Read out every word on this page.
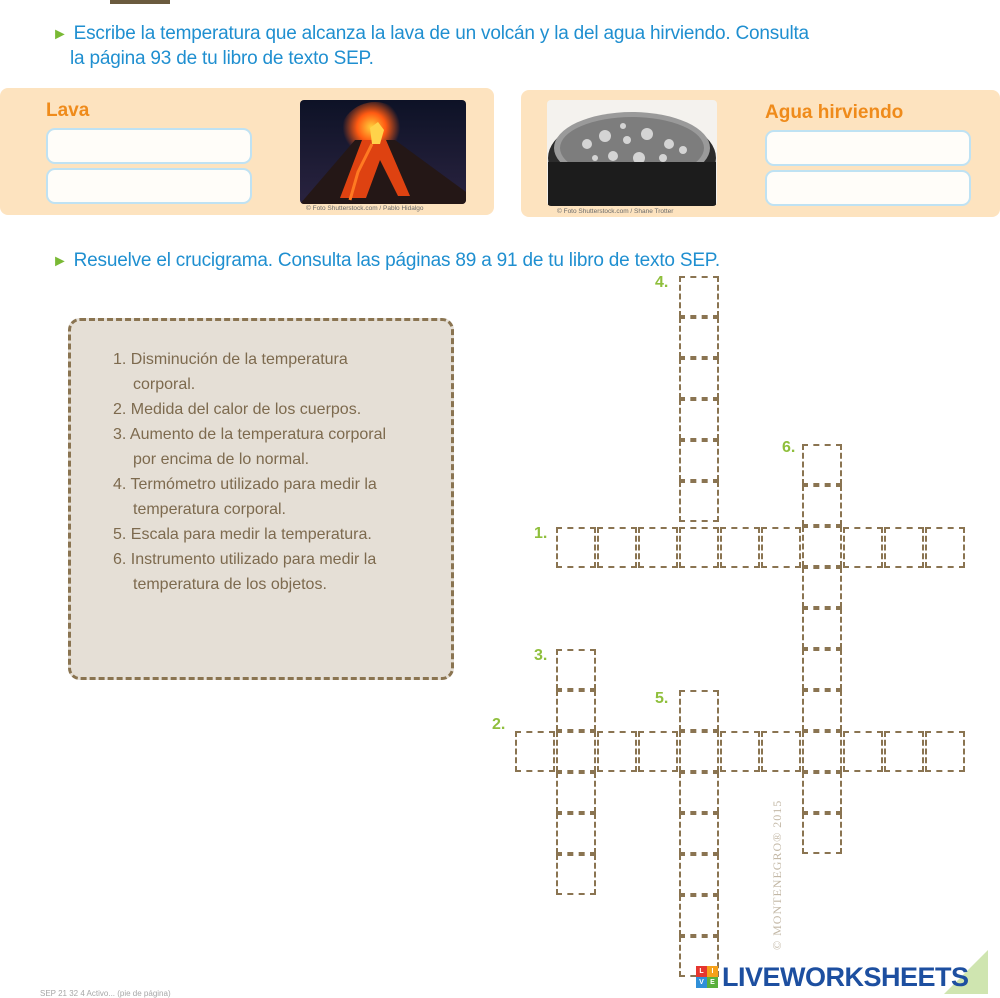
► Escribe la temperatura que alcanza la lava de un volcán y la del agua hirviendo. Consulta
la página 93 de tu libro de texto SEP.
Lava
© Foto Shutterstock.com / Pablo Hidalgo	© Foto Shutterstock.com / Shane Trotter
Agua hirviendo
► Resuelve el crucigrama. Consulta las páginas 89 a 91 de tu libro de texto SEP.
1. Disminución de la temperatura corporal.
2. Medida del calor de los cuerpos.
3. Aumento de la temperatura corporal por encima de lo normal.
4. Termómetro utilizado para medir la temperatura corporal.
5. Escala para medir la temperatura.
6. Instrumento utilizado para medir la temperatura de los objetos.
4.
6.
1.
3.
5.
2.
© MONTENEGRO® 2015
SEP 21 32 4 Activo... (pie de página)
L	I
V E LIVEWORKSHEETS
